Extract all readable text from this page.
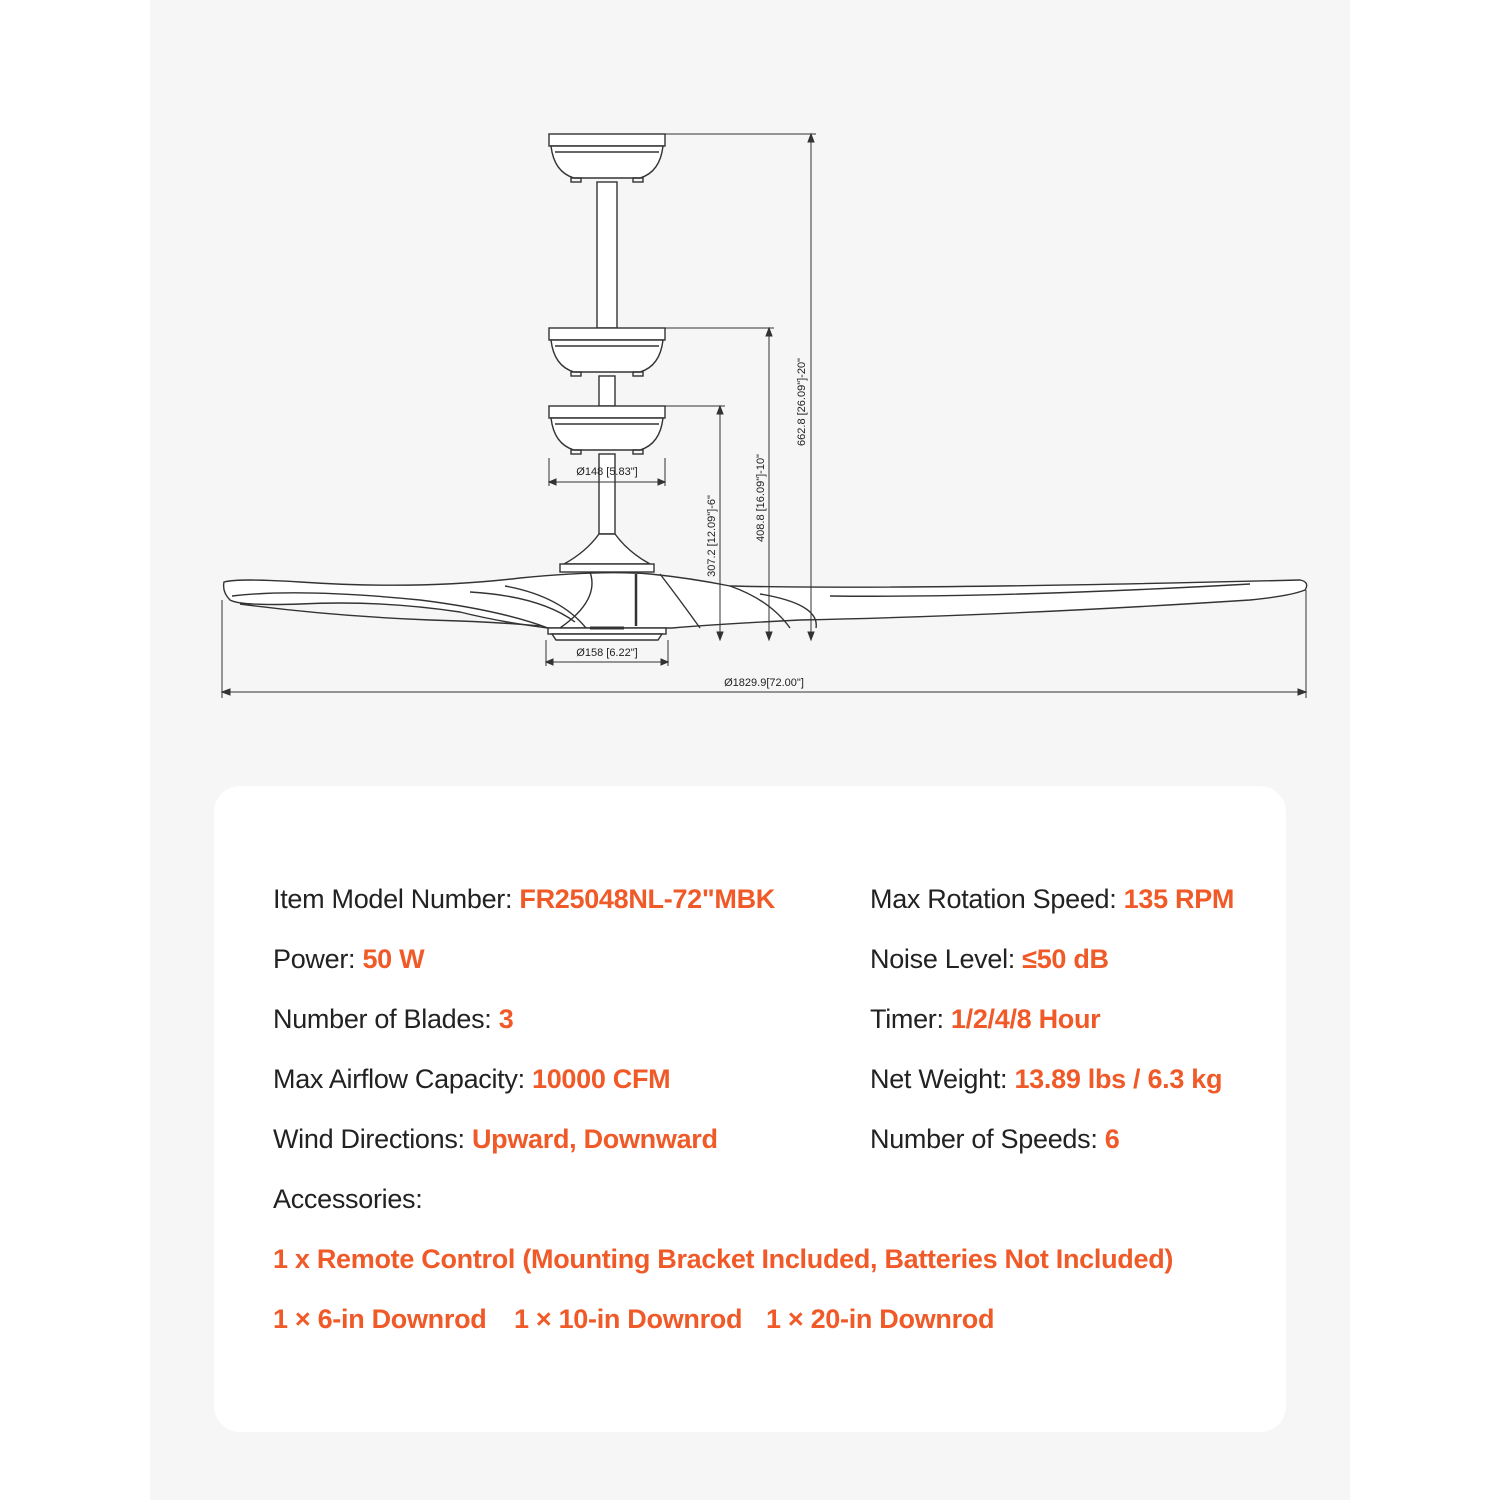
Ø148 [5.83"]
Ø158 [6.22"]
Ø1829.9[72.00"]
662.8 [26.09"]-20"
408.8 [16.09"]-10"
307.2 [12.09"]-6"
Item Model Number: FR25048NL-72"MBK
Power: 50 W
Number of Blades: 3
Max Airflow Capacity: 10000 CFM
Wind Directions: Upward, Downward
Max Rotation Speed: 135 RPM
Noise Level: ≤50 dB
Timer: 1/2/4/8 Hour
Net Weight: 13.89 lbs / 6.3 kg
Number of Speeds: 6
Accessories:
1 x Remote Control (Mounting Bracket Included, Batteries Not Included)
1 × 6-in Downrod 1 × 10-in Downrod 1 × 20-in Downrod
